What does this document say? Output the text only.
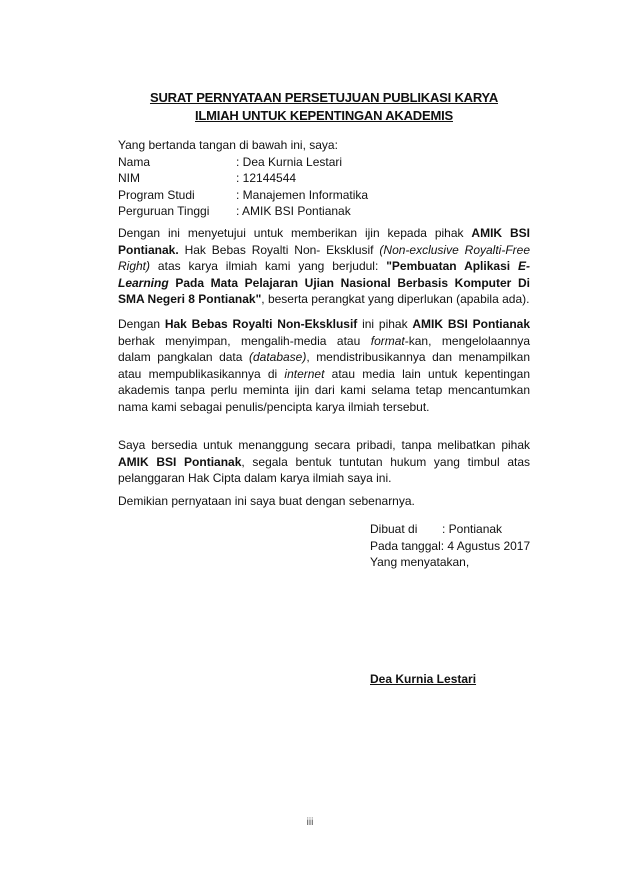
SURAT PERNYATAAN PERSETUJUAN PUBLIKASI KARYA
ILMIAH UNTUK KEPENTINGAN AKADEMIS
Yang bertanda tangan di bawah ini, saya:
Nama	: Dea Kurnia Lestari
NIM	: 12144544
Program Studi	: Manajemen Informatika
Perguruan Tinggi	: AMIK BSI Pontianak

Dengan ini menyetujui untuk memberikan ijin kepada pihak AMIK BSI Pontianak. Hak Bebas Royalti Non- Eksklusif (Non-exclusive Royalti-Free Right) atas karya ilmiah kami yang berjudul: "Pembuatan Aplikasi E-Learning Pada Mata Pelajaran Ujian Nasional Berbasis Komputer Di SMA Negeri 8 Pontianak", beserta perangkat yang diperlukan (apabila ada).

Dengan Hak Bebas Royalti Non-Eksklusif ini pihak AMIK BSI Pontianak berhak menyimpan, mengalih-media atau format-kan, mengelolaannya dalam pangkalan data (database), mendistribusikannya dan menampilkan atau mempublikasikannya di internet atau media lain untuk kepentingan akademis tanpa perlu meminta ijin dari kami selama tetap mencantumkan nama kami sebagai penulis/pencipta karya ilmiah tersebut.

Saya bersedia untuk menanggung secara pribadi, tanpa melibatkan pihak AMIK BSI Pontianak, segala bentuk tuntutan hukum yang timbul atas pelanggaran Hak Cipta dalam karya ilmiah saya ini.

Demikian pernyataan ini saya buat dengan sebenarnya.

Dibuat di	: Pontianak
Pada tanggal: 4 Agustus 2017
Yang menyatakan,
Dea Kurnia Lestari
iii
